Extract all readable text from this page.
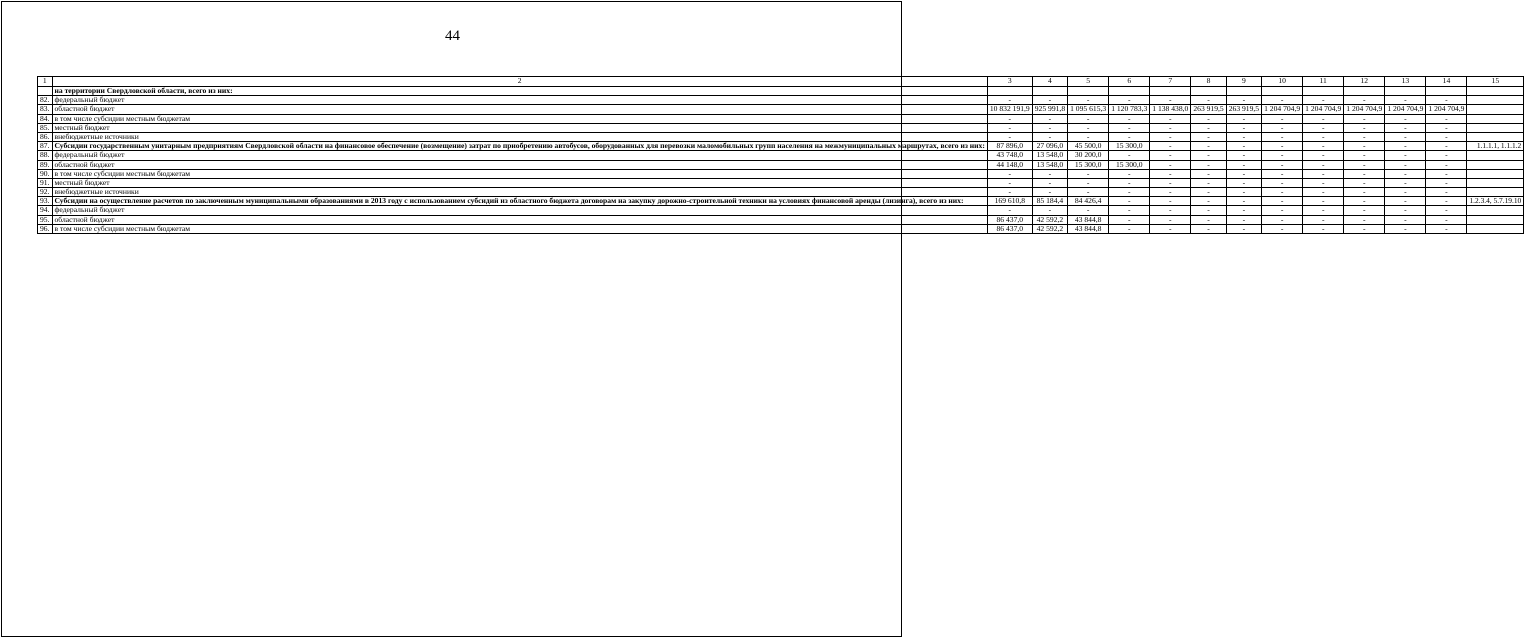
44
1	2	3	4	5	6	7	8	9	10	11	12	13	14	15
	на территории Свердловской области, всего из них:													
82.	федеральный бюджет	-	-	-	-	-	-	-	-	-	-	-	-	
83.	областной бюджет	10 832 191,9	925 991,8	1 095 615,3	1 120 783,3	1 138 438,0	263 919,5	263 919,5	1 204 704,9	1 204 704,9	1 204 704,9	1 204 704,9	1 204 704,9	
84.	в том числе субсидии местным бюджетам	-	-	-	-	-	-	-	-	-	-	-	-	
85.	местный бюджет	-	-	-	-	-	-	-	-	-	-	-	-	
86.	внебюджетные источники	-	-	-	-	-	-	-	-	-	-	-	-	
87.	Субсидии государственным унитарным предприятиям Свердловской области на финансовое обеспечение (возмещение) затрат по приобретению автобусов, оборудованных для перевозки маломобильных групп населения на межмуниципальных маршрутах, всего из них:	87 896,0	27 096,0	45 500,0	15 300,0	-	-	-	-	-	-	-	-	1.1.1.1, 1.1.1.2
88.	федеральный бюджет	43 748,0	13 548,0	30 200,0	-	-	-	-	-	-	-	-	-	
89.	областной бюджет	44 148,0	13 548,0	15 300,0	15 300,0	-	-	-	-	-	-	-	-	
90.	в том числе субсидии местным бюджетам	-	-	-	-	-	-	-	-	-	-	-	-	
91.	местный бюджет	-	-	-	-	-	-	-	-	-	-	-	-	
92.	внебюджетные источники	-	-	-	-	-	-	-	-	-	-	-	-	
93.	Субсидии на осуществление расчетов по заключенным муниципальными образованиями в 2013 году с использованием субсидий из областного бюджета договорам на закупку дорожно-строительной техники на условиях финансовой аренды (лизинга), всего из них:	169 610,8	85 184,4	84 426,4	-	-	-	-	-	-	-	-	-	1.2.3.4, 5.7.19.10
94.	федеральный бюджет	-	-	-	-	-	-	-	-	-	-	-	-	
95.	областной бюджет	86 437,0	42 592,2	43 844,8	-	-	-	-	-	-	-	-	-	
96.	в том числе субсидии местным бюджетам	86 437,0	42 592,2	43 844,8	-	-	-	-	-	-	-	-	-	
